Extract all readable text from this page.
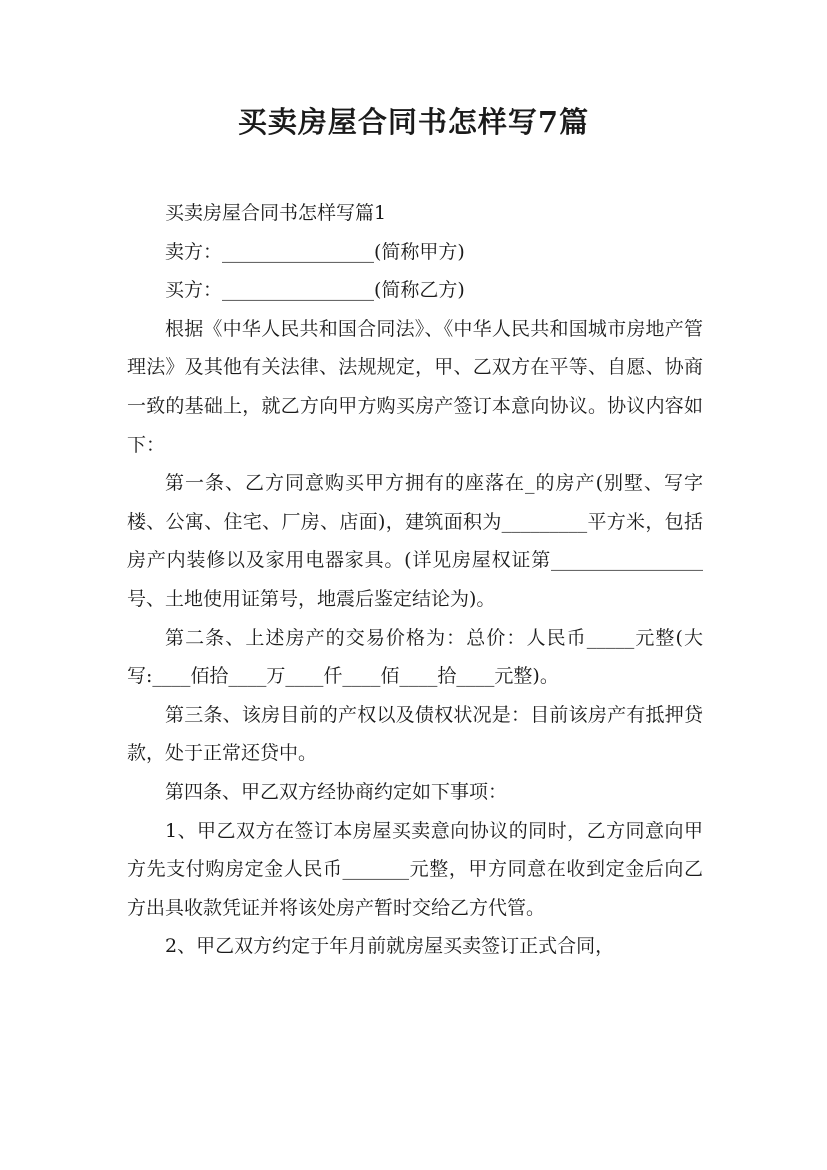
买卖房屋合同书怎样写7篇

买卖房屋合同书怎样写篇1

卖方：________________(简称甲方)

买方：________________(简称乙方)

根据《中华人民共和国合同法》、《中华人民共和国城市房地产管理法》及其他有关法律、法规规定，甲、乙双方在平等、自愿、协商一致的基础上，就乙方向甲方购买房产签订本意向协议。协议内容如下：

第一条、乙方同意购买甲方拥有的座落在_的房产(别墅、写字楼、公寓、住宅、厂房、店面)，建筑面积为_________平方米，包括房产内装修以及家用电器家具。(详见房屋权证第________________号、土地使用证第号，地震后鉴定结论为)。

第二条、上述房产的交易价格为：总价：人民币_____元整(大写:____佰拾____万____仟____佰____拾____元整)。

第三条、该房目前的产权以及债权状况是：目前该房产有抵押贷款，处于正常还贷中。

第四条、甲乙双方经协商约定如下事项：

1、甲乙双方在签订本房屋买卖意向协议的同时，乙方同意向甲方先支付购房定金人民币_______元整，甲方同意在收到定金后向乙方出具收款凭证并将该处房产暂时交给乙方代管。

2、甲乙双方约定于年月前就房屋买卖签订正式合同，
